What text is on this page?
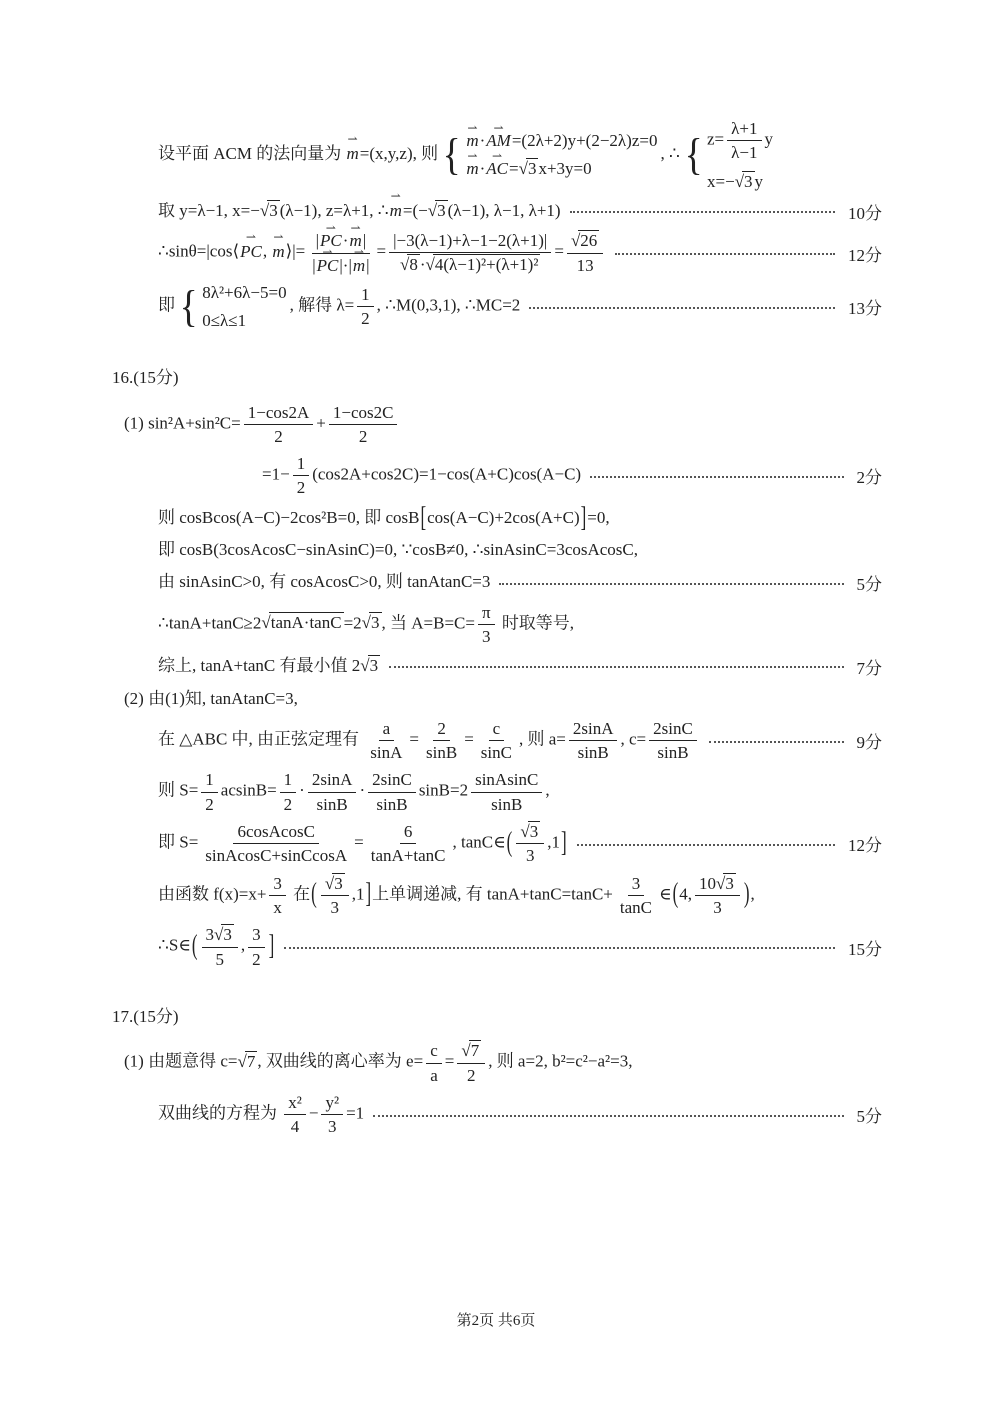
设平面 ACM 的法向量为 m ⇀=(x,y,z), 则 { m ⇀·AM ⇀=(2λ+2)y+(2−2λ)z=0
m ⇀·AC ⇀=√3 x+3y=0
, ∴ { $z= \frac{\lambda+1}{\lambda-1}$ y
x=−√3 y
取 y=λ−1, x=−√3 (λ−1), z=λ+1, ∴m ⇀=(−√3 (λ−1), λ−1, λ+1)	10分
∴sinθ=|cos⟨PC ⇀, m ⇀⟩|= $\frac{|PC ⇀\cdot m ⇀|}{|PC ⇀|\cdot|m ⇀|} = \frac{|-3(\lambda-1)+\lambda-1-2(\lambda+1)|}{\text{√8 ·√4(λ−1)²+(λ+1)²}} = \frac{√26}{13}$	12分
即 { 8λ²+6λ−5=0
0≤λ≤1
, 解得 $\lambda= \frac{1}{2}$ , ∴M(0,3,1), ∴MC=2	13分
16.(15分)
(1) $\sin^2A+\sin^2C= \frac{1-\cos 2A}{2} + \frac{1-\cos 2C}{2}$
$=1- \frac{1}{2} (\cos 2A+\cos 2C)=1-\cos(A+C)\cos(A-C)$	2分
则 cosBcos(A−C)−2cos²B=0, 即 cosB[cos(A−C)+2cos(A+C)]=0,
即 cosB(3cosAcosC−sinAsinC)=0, ∵cosB≠0, ∴sinAsinC=3cosAcosC,
由 sinAsinC>0, 有 cosAcosC>0, 则 tanAtanC=3	5分
∴tanA+tanC≥2√tanA·tanC =2√3 , 当 $A=B=C= \frac{\pi}{3}$ 时取等号,
综上, tanA+tanC 有最小值 2√3	7分
(2) 由(1)知, tanAtanC=3,
在 △ABC 中, 由正弦定理有 $\frac{a}{\sin A} = \frac{2}{\sin B} = \frac{c}{\sin C}$ , 则 $a= \frac{2\sin A}{\sin B}$ , $c= \frac{2\sin C}{\sin B}$	9分
则 $S= \frac{1}{2} acsinB= \frac{1}{2} \cdot \frac{2\sin A}{\sin B} \cdot \frac{2\sin C}{\sin B} \sin B=2 \frac{\text{sinAsinC}}{\sin B}$ ,
即 $S= \frac{\text{6cosAcosC}}{\text{sinAcosC+sinCcosA}} = \frac{6}{\tan A+\tan C}$ , tanC∈( $\frac{√3}{3} ,1$]	12分
由函数 $f(x)=x+ \frac{3}{x}$ 在( $\frac{√3}{3} ,1$]上单调递减, 有 $\tan A+\tan C=\tan C+ \frac{3}{\tan C}$ ∈(4, $\frac{10√3}{3}$ ),
∴S∈( $\frac{3√3}{5}$ , $\frac{3}{2}$ ]	15分
17.(15分)
(1) 由题意得 c=√7 , 双曲线的离心率为 $e= \frac{c}{a} = \frac{√7}{2}$ , 则 a=2, b²=c²−a²=3,
双曲线的方程为 $\frac{\text{x²}}{4} - \frac{\text{y²}}{3} =1$	5分
第2页 共6页
